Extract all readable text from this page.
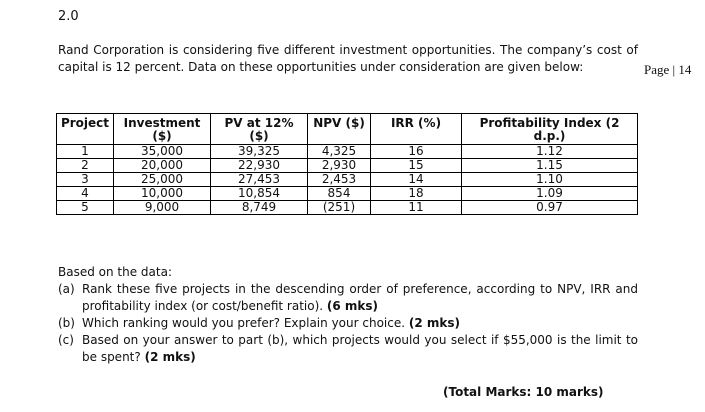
2.0
Rand Corporation is considering five different investment opportunities. The company’s cost of capital is 12 percent. Data on these opportunities under consideration are given below:	Page | 14
Project	Investment ($)	PV at 12% ($)	NPV ($)	IRR (%)	Profitability Index (2 d.p.)
1	35,000	39,325	4,325	16	1.12
2	20,000	22,930	2,930	15	1.15
3	25,000	27,453	2,453	14	1.10
4	10,000	10,854	854	18	1.09
5	9,000	8,749	(251)	11	0.97
Based on the data:
(a) Rank these five projects in the descending order of preference, according to NPV, IRR and profitability index (or cost/benefit ratio). (6 mks)
(b) Which ranking would you prefer? Explain your choice. (2 mks)
(c) Based on your answer to part (b), which projects would you select if $55,000 is the limit to be spent? (2 mks)
(Total Marks: 10 marks)
